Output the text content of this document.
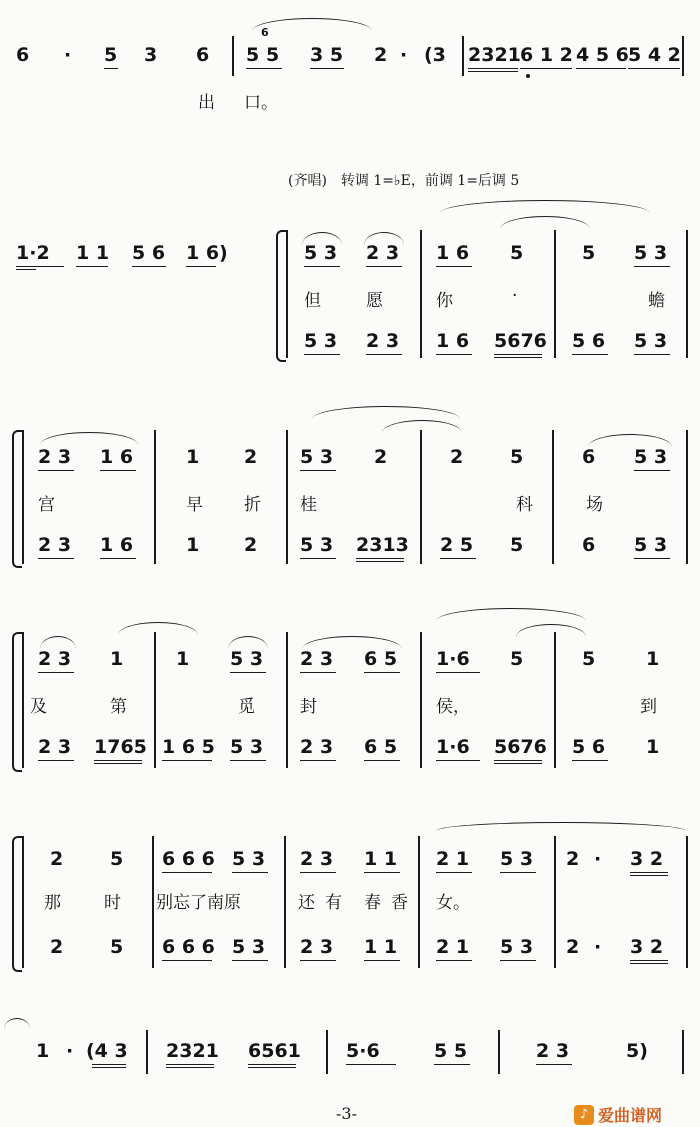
6 · 5 3 6
6
5 5 3 5 2 · (3 2321 6 1 2 4 5 6 5 4 2
出 口。
(齐唱)　转调 1=♭E，前调 1=后调 5
1·2 1 1 5 6 1 6)	5 3 2 3 1 6 5	5 5 3
但	愿	你	·	蟾
5 3 2 3 1 6 5676 5 6 5 3
2 3 1 6	1 2 5 3 2	2 5	6 5 3
宫	早 折 桂	科	场
2 3 1 6	1 2 5 3 2313 2 5 5	6 5 3
2 3 1	1 5 3 2 3 6 5 1·6 5	5	1
及	第	觅	封	侯，	到
2 3 1765 1 6 5 5 3 2 3 6 5 1·6 5676 5 6 1
2 5 6 6 6 5 3 2 3 1 1 2 1 5 3 2 · 3 2
那	时 别忘了南原	还有 春香 女。
2 5 6 6 6 5 3 2 3 1 1 2 1 5 3 2 · 3 2
1 · (4 3 2321 6561 5·6	5 5	2 3	5)
-3-	♪ 爱曲谱网
